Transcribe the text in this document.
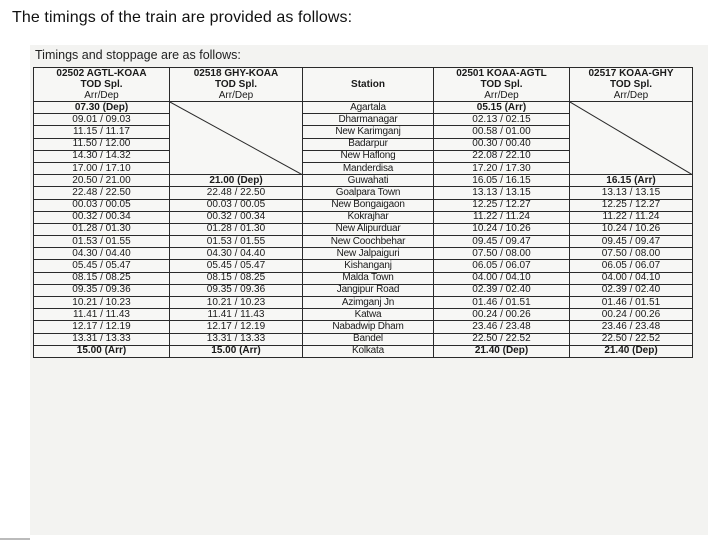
The timings of the train are provided as follows:
Timings and stoppage are as follows:
02502 AGTL-KOAA
TOD Spl.
Arr/Dep	02518 GHY-KOAA
TOD Spl.
Arr/Dep	Station	02501 KOAA-AGTL
TOD Spl.
Arr/Dep	02517 KOAA-GHY
TOD Spl.
Arr/Dep

07.30 (Dep)		Agartala	05.15 (Arr)	
09.01 / 09.03		Dharmanagar	02.13 / 02.15	
11.15 / 11.17		New Karimganj	00.58 / 01.00	
11.50 / 12.00		Badarpur	00.30 / 00.40	
14.30 / 14.32		New Haflong	22.08 / 22.10	
17.00 / 17.10		Manderdisa	17.20 / 17.30	
20.50 / 21.00	21.00 (Dep)	Guwahati	16.05 / 16.15	16.15 (Arr)
22.48 / 22.50	22.48 / 22.50	Goalpara Town	13.13 / 13.15	13.13 / 13.15
00.03 / 00.05	00.03 / 00.05	New Bongaigaon	12.25 / 12.27	12.25 / 12.27
00.32 / 00.34	00.32 / 00.34	Kokrajhar	11.22 / 11.24	11.22 / 11.24
01.28 / 01.30	01.28 / 01.30	New Alipurduar	10.24 / 10.26	10.24 / 10.26
01.53 / 01.55	01.53 / 01.55	New Coochbehar	09.45 / 09.47	09.45 / 09.47
04.30 / 04.40	04.30 / 04.40	New Jalpaiguri	07.50 / 08.00	07.50 / 08.00
05.45 / 05.47	05.45 / 05.47	Kishanganj	06.05 / 06.07	06.05 / 06.07
08.15 / 08.25	08.15 / 08.25	Malda Town	04.00 / 04.10	04.00 / 04.10
09.35 / 09.36	09.35 / 09.36	Jangipur Road	02.39 / 02.40	02.39 / 02.40
10.21 / 10.23	10.21 / 10.23	Azimganj Jn	01.46 / 01.51	01.46 / 01.51
11.41 / 11.43	11.41 / 11.43	Katwa	00.24 / 00.26	00.24 / 00.26
12.17 / 12.19	12.17 / 12.19	Nabadwip Dham	23.46 / 23.48	23.46 / 23.48
13.31 / 13.33	13.31 / 13.33	Bandel	22.50 / 22.52	22.50 / 22.52
15.00 (Arr)	15.00 (Arr)	Kolkata	21.40 (Dep)	21.40 (Dep)
